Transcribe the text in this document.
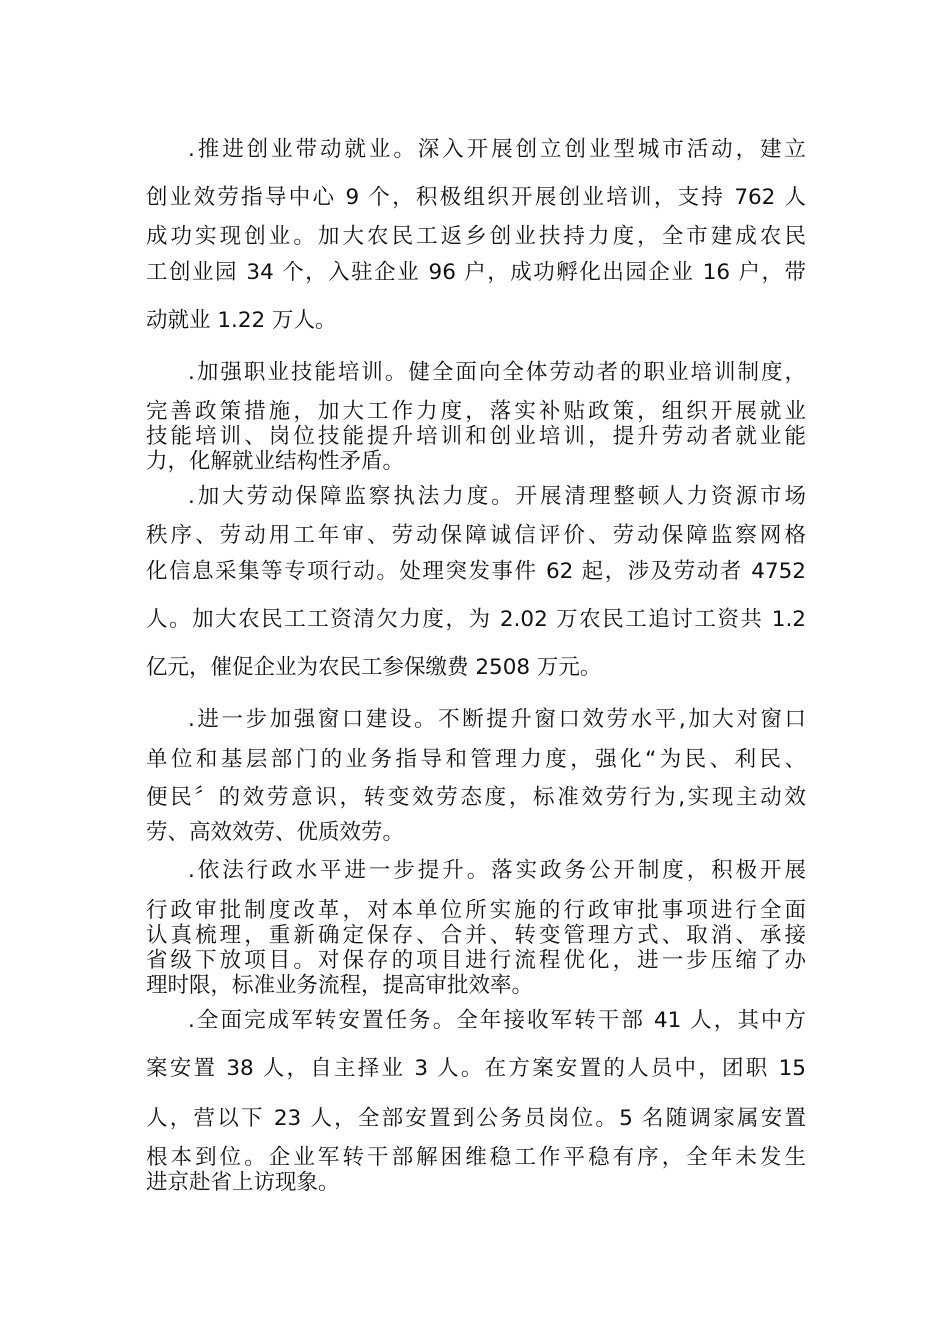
.推进创业带动就业。深入开展创立创业型城市活动，建立
创业效劳指导中心 9 个，积极组织开展创业培训，支持 762 人
成功实现创业。加大农民工返乡创业扶持力度，全市建成农民
工创业园 34 个，入驻企业 96 户，成功孵化出园企业 16 户，带
动就业 1.22 万人。
.加强职业技能培训。健全面向全体劳动者的职业培训制度，
完善政策措施，加大工作力度，落实补贴政策，组织开展就业
技能培训、岗位技能提升培训和创业培训，提升劳动者就业能
力，化解就业结构性矛盾。
.加大劳动保障监察执法力度。开展清理整顿人力资源市场
秩序、劳动用工年审、劳动保障诚信评价、劳动保障监察网格
化信息采集等专项行动。处理突发事件 62 起，涉及劳动者 4752
人。加大农民工工资清欠力度，为 2.02 万农民工追讨工资共 1.2
亿元，催促企业为农民工参保缴费 2508 万元。
.进一步加强窗口建设。不断提升窗口效劳水平,加大对窗口
单位和基层部门的业务指导和管理力度，强化“为民、利民、
便民〞的效劳意识，转变效劳态度，标准效劳行为,实现主动效
劳、高效效劳、优质效劳。
.依法行政水平进一步提升。落实政务公开制度，积极开展
行政审批制度改革，对本单位所实施的行政审批事项进行全面
认真梳理，重新确定保存、合并、转变管理方式、取消、承接
省级下放项目。对保存的项目进行流程优化，进一步压缩了办
理时限，标准业务流程，提高审批效率。
.全面完成军转安置任务。全年接收军转干部 41 人，其中方
案安置 38 人，自主择业 3 人。在方案安置的人员中，团职 15
人，营以下 23 人，全部安置到公务员岗位。5 名随调家属安置
根本到位。企业军转干部解困维稳工作平稳有序，全年未发生
进京赴省上访现象。
